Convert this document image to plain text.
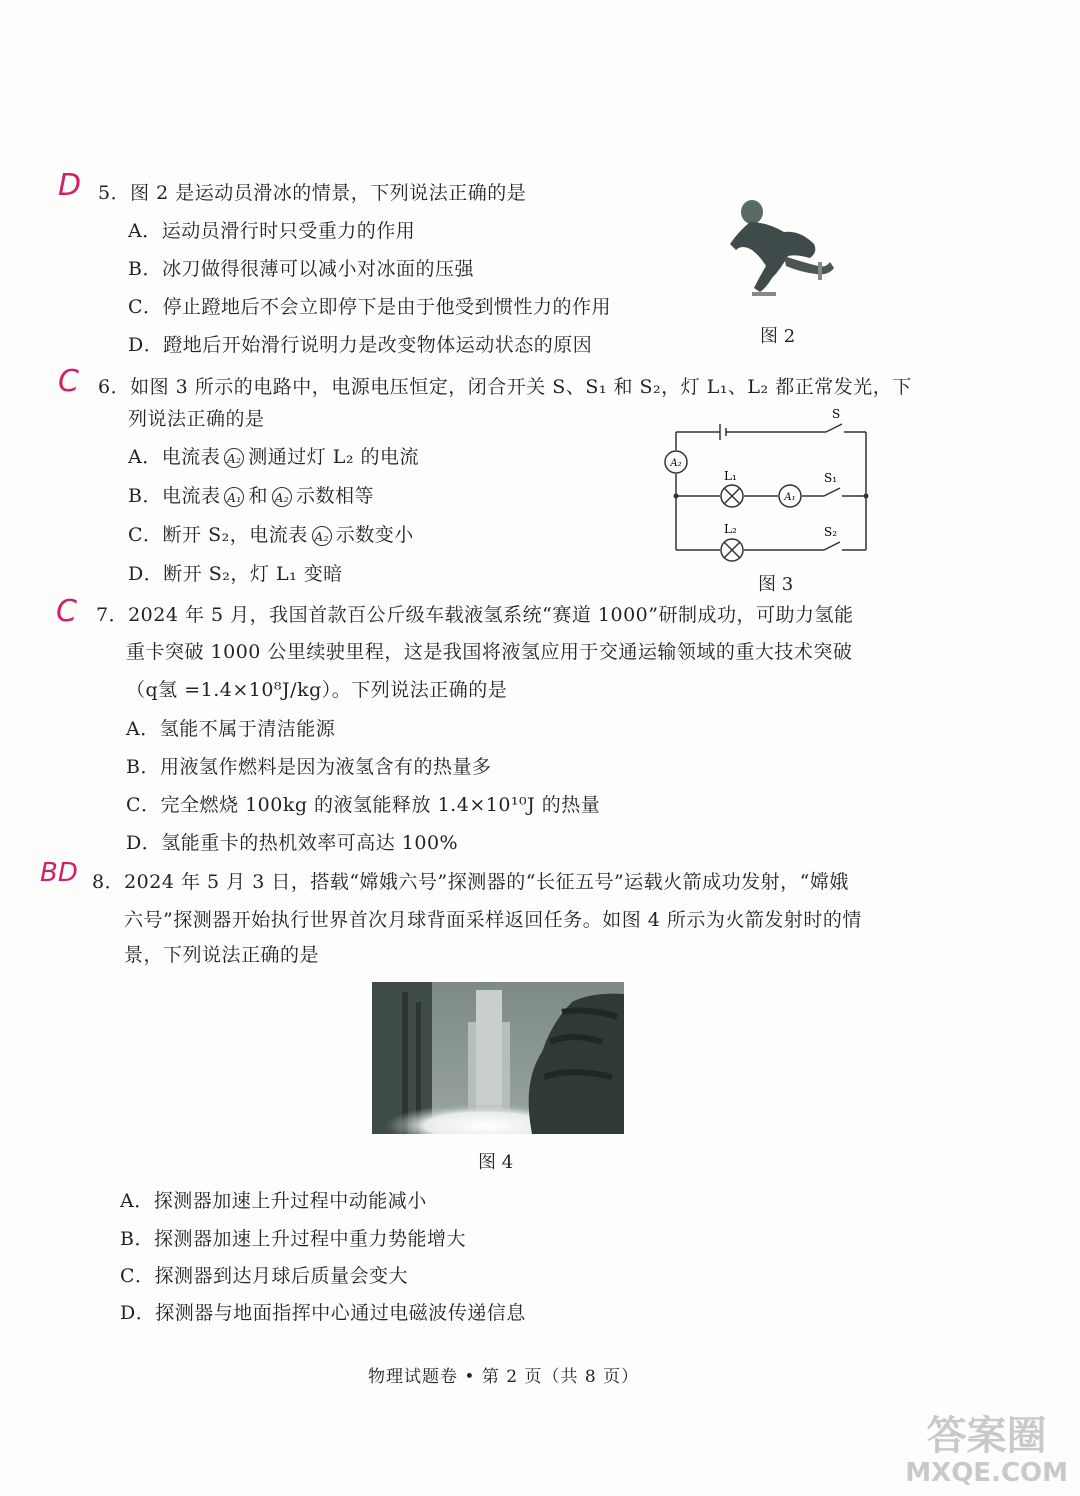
D
C
C
BD
5．图 2 是运动员滑冰的情景，下列说法正确的是
A．运动员滑行时只受重力的作用
B．冰刀做得很薄可以减小对冰面的压强
C．停止蹬地后不会立即停下是由于他受到惯性力的作用
D．蹬地后开始滑行说明力是改变物体运动状态的原因	图 2
6．如图 3 所示的电路中，电源电压恒定，闭合开关 S、S₁ 和 S₂，灯 L₁、L₂ 都正常发光，下
列说法正确的是
A．电流表 A₂ 测通过灯 L₂ 的电流
B．电流表 A₁ 和 A₂ 示数相等
C．断开 S₂，电流表 A₂ 示数变小
D．断开 S₂，灯 L₁ 变暗
A₁
A₂
S
S₁
S₂
L₁
L₂
图 3
7．2024 年 5 月，我国首款百公斤级车载液氢系统“赛道 1000”研制成功，可助力氢能
重卡突破 1000 公里续驶里程，这是我国将液氢应用于交通运输领域的重大技术突破
（q氢 =1.4×10⁸J/kg）。下列说法正确的是
A．氢能不属于清洁能源
B．用液氢作燃料是因为液氢含有的热量多
C．完全燃烧 100kg 的液氢能释放 1.4×10¹⁰J 的热量
D．氢能重卡的热机效率可高达 100%
8．2024 年 5 月 3 日，搭载“嫦娥六号”探测器的“长征五号”运载火箭成功发射，“嫦娥
六号”探测器开始执行世界首次月球背面采样返回任务。如图 4 所示为火箭发射时的情
景，下列说法正确的是
图 4
A．探测器加速上升过程中动能减小
B．探测器加速上升过程中重力势能增大
C．探测器到达月球后质量会变大
D．探测器与地面指挥中心通过电磁波传递信息
物理试题卷 • 第 2 页（共 8 页）
答案圈
MXQE.COM
